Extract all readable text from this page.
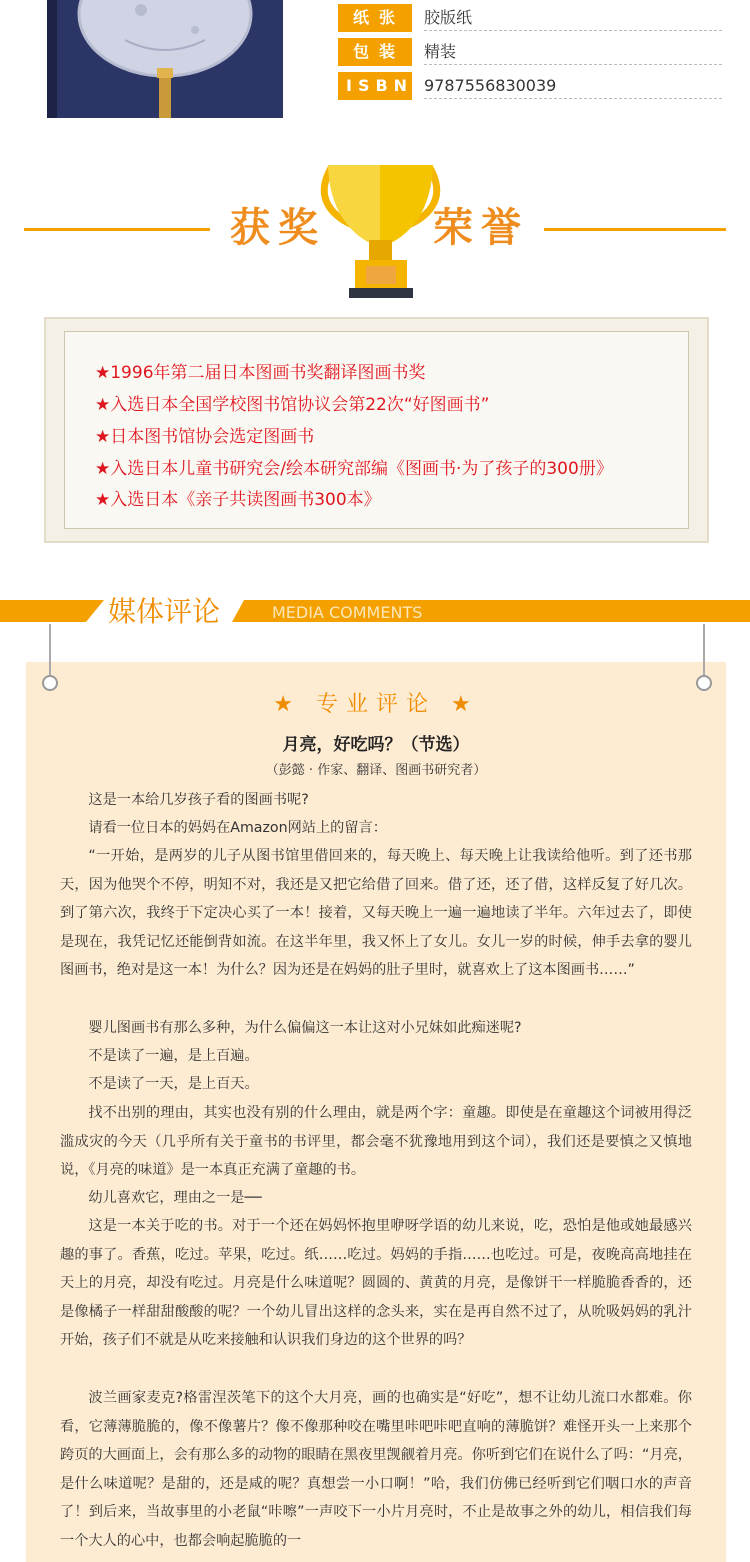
纸张	胶版纸
包装	精装
ISBN 9787556830039
获奖	荣誉
★1996年第二届日本图画书奖翻译图画书奖
★入选日本全国学校图书馆协议会第22次“好图画书”
★日本图书馆协会选定图画书
★入选日本儿童书研究会/绘本研究部编《图画书·为了孩子的300册》
★入选日本《亲子共读图画书300本》
媒体评论	MEDIA COMMENTS
★ 专业评论 ★
月亮，好吃吗？（节选）
（彭懿 · 作家、翻译、图画书研究者）

这是一本给几岁孩子看的图画书呢?

请看一位日本的妈妈在Amazon网站上的留言：

“一开始，是两岁的儿子从图书馆里借回来的，每天晚上、每天晚上让我读给他听。到了还书那天，因为他哭个不停，明知不对，我还是又把它给借了回来。借了还，还了借，这样反复了好几次。到了第六次，我终于下定决心买了一本！接着，又每天晚上一遍一遍地读了半年。六年过去了，即使是现在，我凭记忆还能倒背如流。在这半年里，我又怀上了女儿。女儿一岁的时候，伸手去拿的婴儿图画书，绝对是这一本！为什么？因为还是在妈妈的肚子里时，就喜欢上了这本图画书……”

婴儿图画书有那么多种，为什么偏偏这一本让这对小兄妹如此痴迷呢?

不是读了一遍，是上百遍。

不是读了一天，是上百天。

找不出别的理由，其实也没有别的什么理由，就是两个字：童趣。即使是在童趣这个词被用得泛滥成灾的今天（几乎所有关于童书的书评里，都会毫不犹豫地用到这个词），我们还是要慎之又慎地说，《月亮的味道》是一本真正充满了童趣的书。

幼儿喜欢它，理由之一是──

这是一本关于吃的书。对于一个还在妈妈怀抱里咿呀学语的幼儿来说，吃，恐怕是他或她最感兴趣的事了。香蕉，吃过。苹果，吃过。纸……吃过。妈妈的手指……也吃过。可是，夜晚高高地挂在天上的月亮，却没有吃过。月亮是什么味道呢？圆圆的、黄黄的月亮，是像饼干一样脆脆香香的，还是像橘子一样甜甜酸酸的呢？一个幼儿冒出这样的念头来，实在是再自然不过了，从吮吸妈妈的乳汁开始，孩子们不就是从吃来接触和认识我们身边的这个世界的吗？

波兰画家麦克?格雷涅茨笔下的这个大月亮，画的也确实是“好吃”，想不让幼儿流口水都难。你看，它薄薄脆脆的，像不像薯片？像不像那种咬在嘴里咔吧咔吧直响的薄脆饼？难怪开头一上来那个跨页的大画面上，会有那么多的动物的眼睛在黑夜里觊觎着月亮。你听到它们在说什么了吗：“月亮，是什么味道呢？是甜的，还是咸的呢？真想尝一小口啊！”哈，我们仿佛已经听到它们咽口水的声音了！到后来，当故事里的小老鼠“咔嚓”一声咬下一小片月亮时，不止是故事之外的幼儿，相信我们每一个大人的心中，也都会响起脆脆的一
